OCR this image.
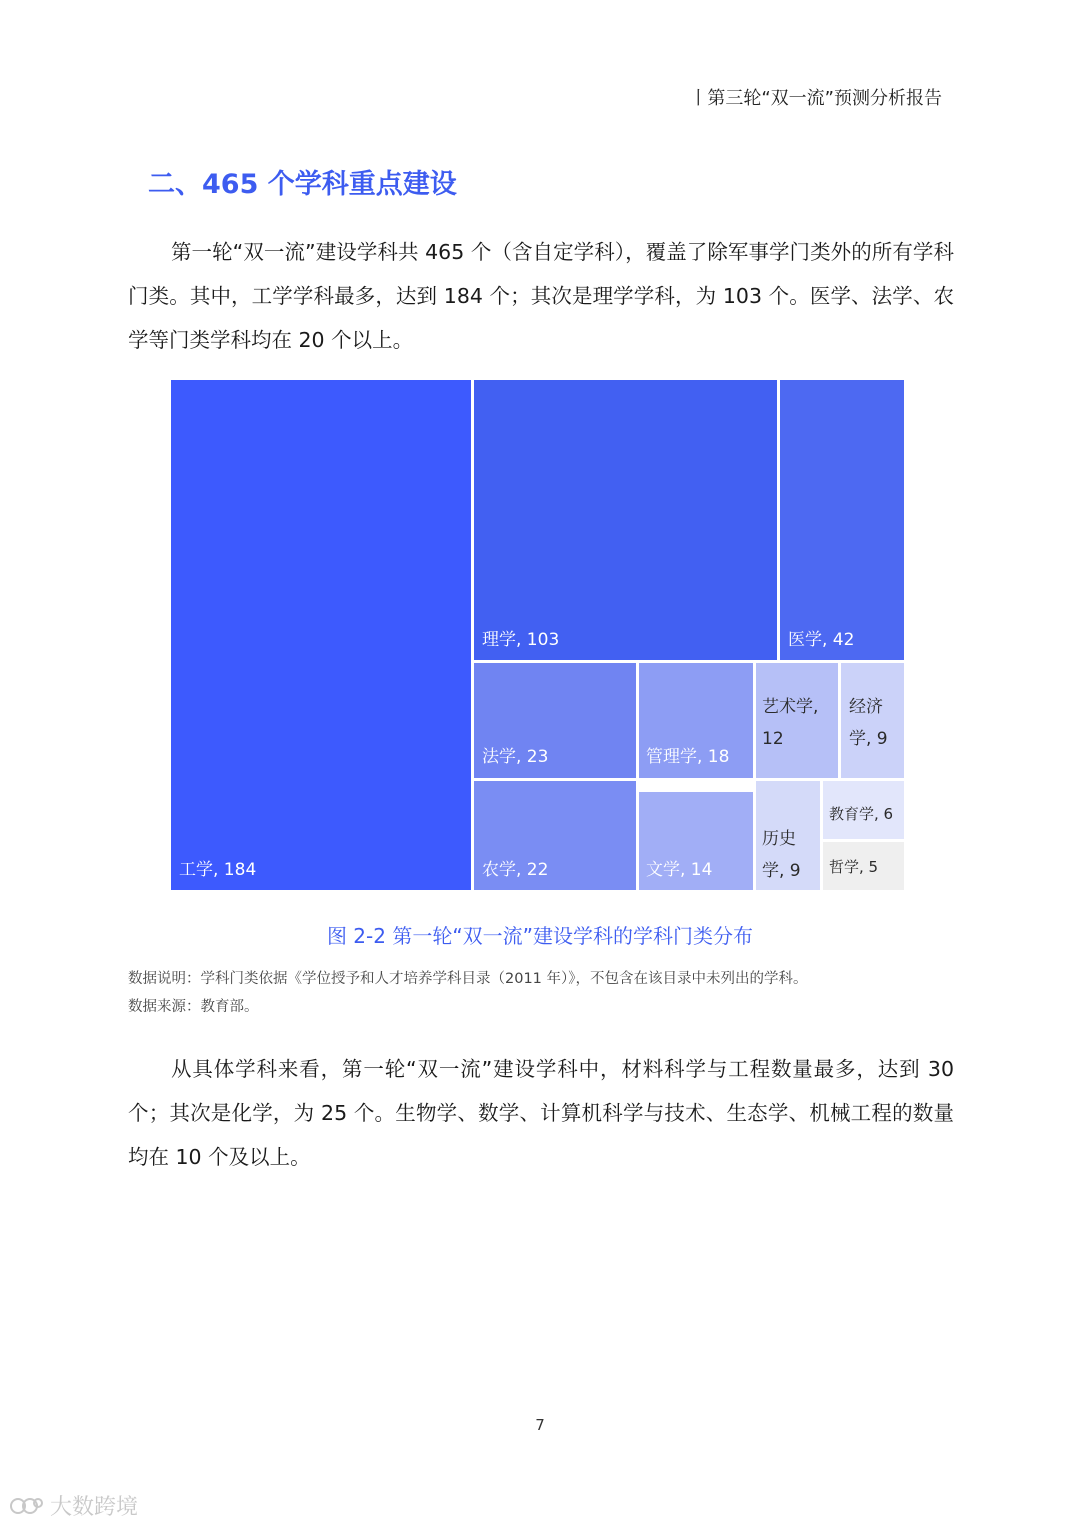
丨第三轮“双一流”预测分析报告
二、465 个学科重点建设

第一轮“双一流”建设学科共 465 个（含自定学科），覆盖了除军事学门类外的所有学科门类。其中，工学学科最多，达到 184 个；其次是理学学科，为 103 个。医学、法学、农学等门类学科均在 20 个以上。

工学, 184
理学, 103	医学, 42
法学, 23
农学, 22
管理学, 18
文学, 14
艺术学,
12
经济
学, 9
历史
学, 9
教育学, 6
哲学, 5
图 2-2 第一轮“双一流”建设学科的学科门类分布
数据说明：学科门类依据《学位授予和人才培养学科目录（2011 年）》，不包含在该目录中未列出的学科。
数据来源：教育部。

从具体学科来看，第一轮“双一流”建设学科中，材料科学与工程数量最多，达到 30 个；其次是化学，为 25 个。生物学、数学、计算机科学与技术、生态学、机械工程的数量均在 10 个及以上。

7
大数跨境
